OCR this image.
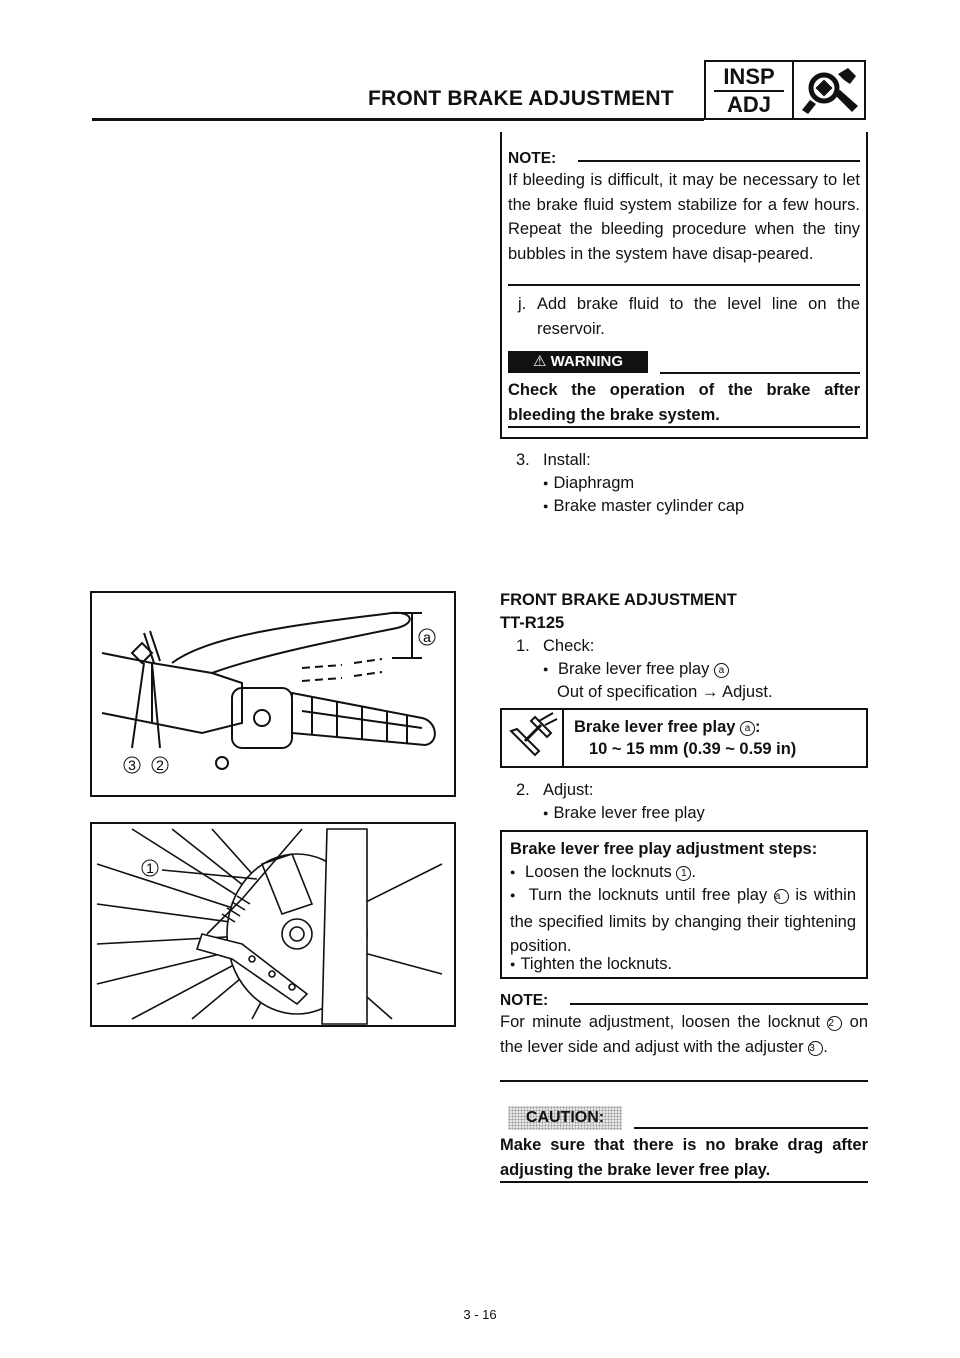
FRONT BRAKE ADJUSTMENT
INSP
ADJ
NOTE:
If bleeding is difficult, it may be necessary to let the brake fluid system stabilize for a few hours. Repeat the bleeding procedure when the tiny bubbles in the system have disap-peared.
j. Add brake fluid to the level line on the reservoir.
⚠ WARNING
Check the operation of the brake after bleeding the brake system.
3. Install:
● Diaphragm
● Brake master cylinder cap
FRONT BRAKE ADJUSTMENT
TT-R125
1. Check:
● Brake lever free play a
Out of specification → Adjust.
Brake lever free play a :
10 ~ 15 mm (0.39 ~ 0.59 in)
2. Adjust:
● Brake lever free play
Brake lever free play adjustment steps:
● Loosen the locknuts 1 .
● Turn the locknuts until free play a is within the specified limits by changing their tightening position.
● Tighten the locknuts.
NOTE:
For minute adjustment, loosen the locknut 2 on the lever side and adjust with the adjuster 3 .
CAUTION:
Make sure that there is no brake drag after adjusting the brake lever free play.
a
3 2
1
3 - 16
